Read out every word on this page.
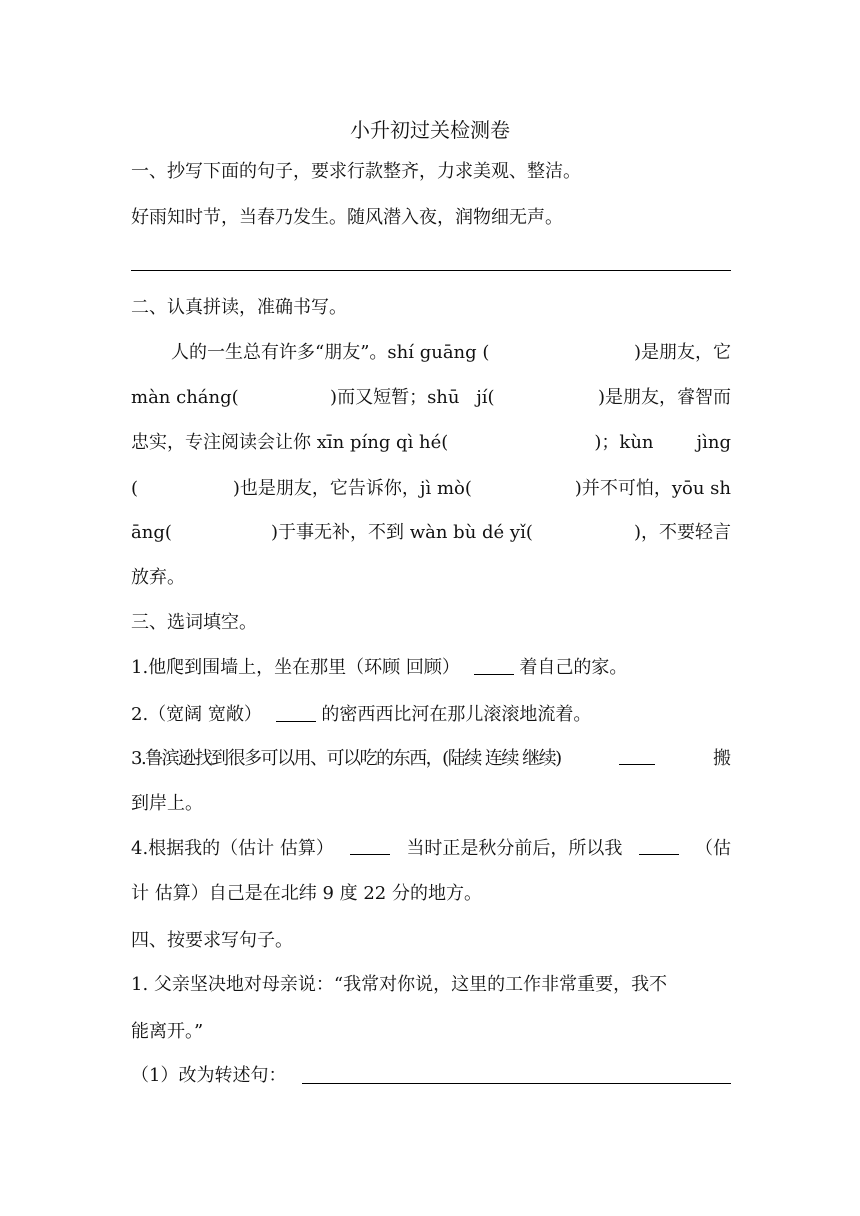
小升初过关检测卷
一、抄写下面的句子，要求行款整齐，力求美观、整洁。
好雨知时节，当春乃发生。随风潜入夜，润物细无声。
二、认真拼读，准确书写。
人的一生总有许多“朋友”。shí guāng (	)是朋友，它
màn cháng(	)而又短暂；shū jí(	)是朋友，睿智而
忠实，专注阅读会让你 xīn píng qì hé(	)；kùn jìng
(	)也是朋友，它告诉你，jì mò(	)并不可怕，yōu sh
āng(	)于事无补，不到 wàn bù dé yǐ(	)，不要轻言
放弃。
三、选词填空。
1.他爬到围墙上，坐在那里（环顾 回顾）	着自己的家。
2.（宽阔 宽敞）	的密西西比河在那儿滚滚地流着。
3.鲁滨逊找到很多可以用、可以吃的东西，(陆续 连续 继续)	搬
到岸上。
4.根据我的（估计 估算）	当时正是秋分前后，所以我	（估
计 估算）自己是在北纬 9 度 22 分的地方。
四、按要求写句子。
1. 父亲坚决地对母亲说：“我常对你说，这里的工作非常重要，我不
能离开。”
（1）改为转述句：
